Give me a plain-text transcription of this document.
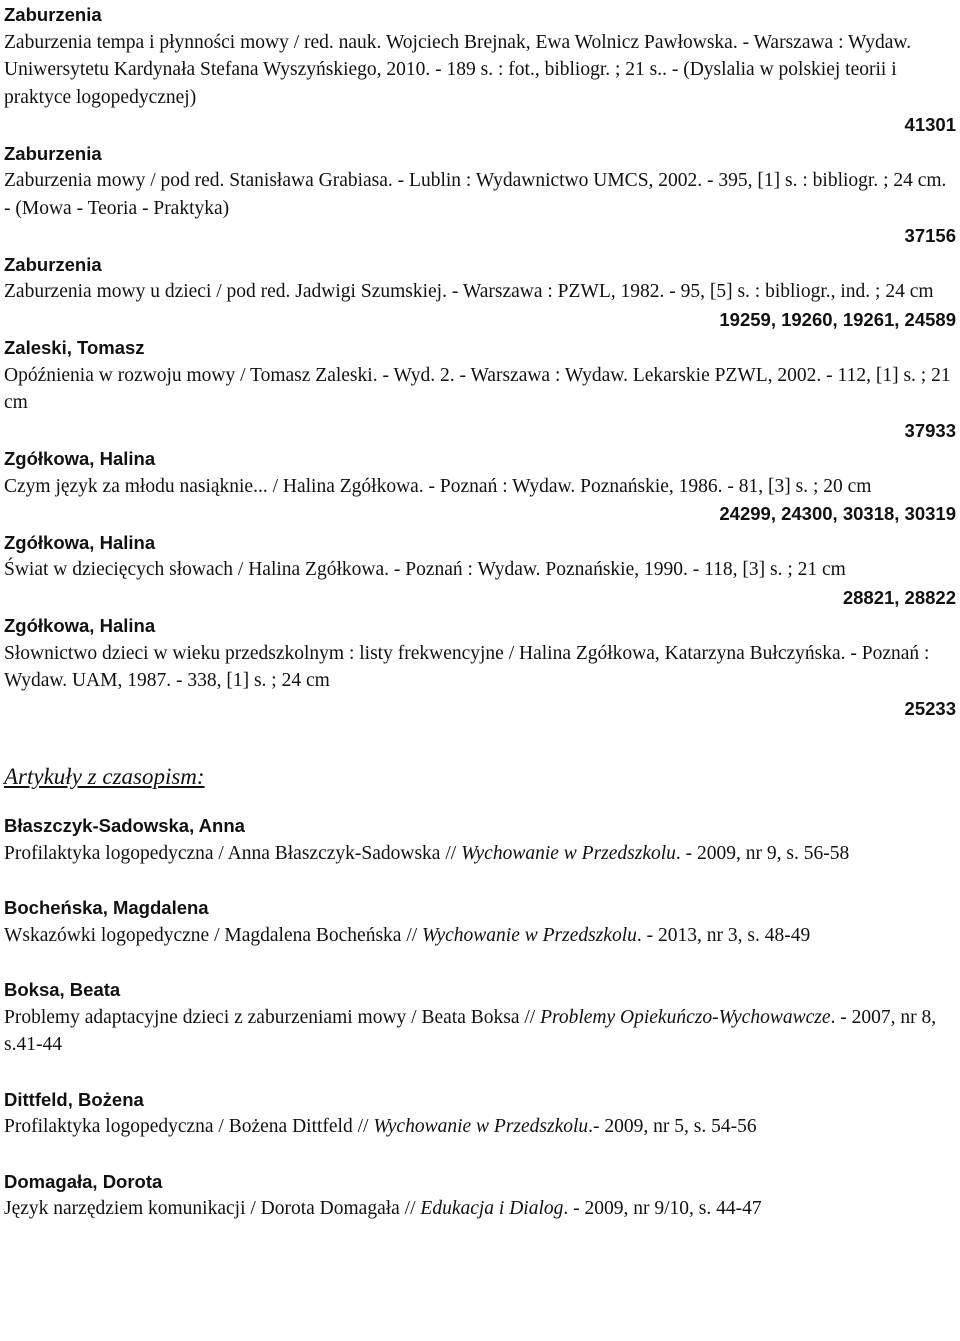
Zaburzenia
Zaburzenia tempa i płynności mowy / red. nauk. Wojciech Brejnak, Ewa Wolnicz Pawłowska. - Warszawa : Wydaw. Uniwersytetu Kardynała Stefana Wyszyńskiego, 2010. - 189 s. : fot., bibliogr. ; 21 s.. - (Dyslalia w polskiej teorii i praktyce logopedycznej)
41301
Zaburzenia
Zaburzenia mowy / pod red. Stanisława Grabiasa. - Lublin : Wydawnictwo UMCS, 2002. - 395, [1] s. : bibliogr. ; 24 cm. - (Mowa - Teoria - Praktyka)
37156
Zaburzenia
Zaburzenia mowy u dzieci / pod red. Jadwigi Szumskiej. - Warszawa : PZWL, 1982. - 95, [5] s. : bibliogr., ind. ; 24 cm
19259, 19260, 19261, 24589
Zaleski, Tomasz
Opóźnienia w rozwoju mowy / Tomasz Zaleski. - Wyd. 2. - Warszawa : Wydaw. Lekarskie PZWL, 2002. - 112, [1] s. ; 21 cm
37933
Zgółkowa, Halina
Czym język za młodu nasiąknie... / Halina Zgółkowa. - Poznań : Wydaw. Poznańskie, 1986. - 81, [3] s. ; 20 cm
24299, 24300, 30318, 30319
Zgółkowa, Halina
Świat w dziecięcych słowach / Halina Zgółkowa. - Poznań : Wydaw. Poznańskie, 1990. - 118, [3] s. ; 21 cm
28821, 28822
Zgółkowa, Halina
Słownictwo dzieci w wieku przedszkolnym : listy frekwencyjne / Halina Zgółkowa, Katarzyna Bułczyńska. - Poznań : Wydaw. UAM, 1987. - 338, [1] s. ; 24 cm
25233
Artykuły z czasopism:
Błaszczyk-Sadowska, Anna
Profilaktyka logopedyczna / Anna Błaszczyk-Sadowska // Wychowanie w Przedszkolu. - 2009, nr 9, s. 56-58
Bocheńska, Magdalena
Wskazówki logopedyczne / Magdalena Bocheńska // Wychowanie w Przedszkolu. - 2013, nr 3, s. 48-49
Boksa, Beata
Problemy adaptacyjne dzieci z zaburzeniami mowy / Beata Boksa // Problemy Opiekuńczo-Wychowawcze. - 2007, nr 8, s.41-44
Dittfeld, Bożena
Profilaktyka logopedyczna / Bożena Dittfeld // Wychowanie w Przedszkolu.- 2009, nr 5, s. 54-56
Domagała, Dorota
Język narzędziem komunikacji / Dorota Domagała // Edukacja i Dialog. - 2009, nr 9/10, s. 44-47
